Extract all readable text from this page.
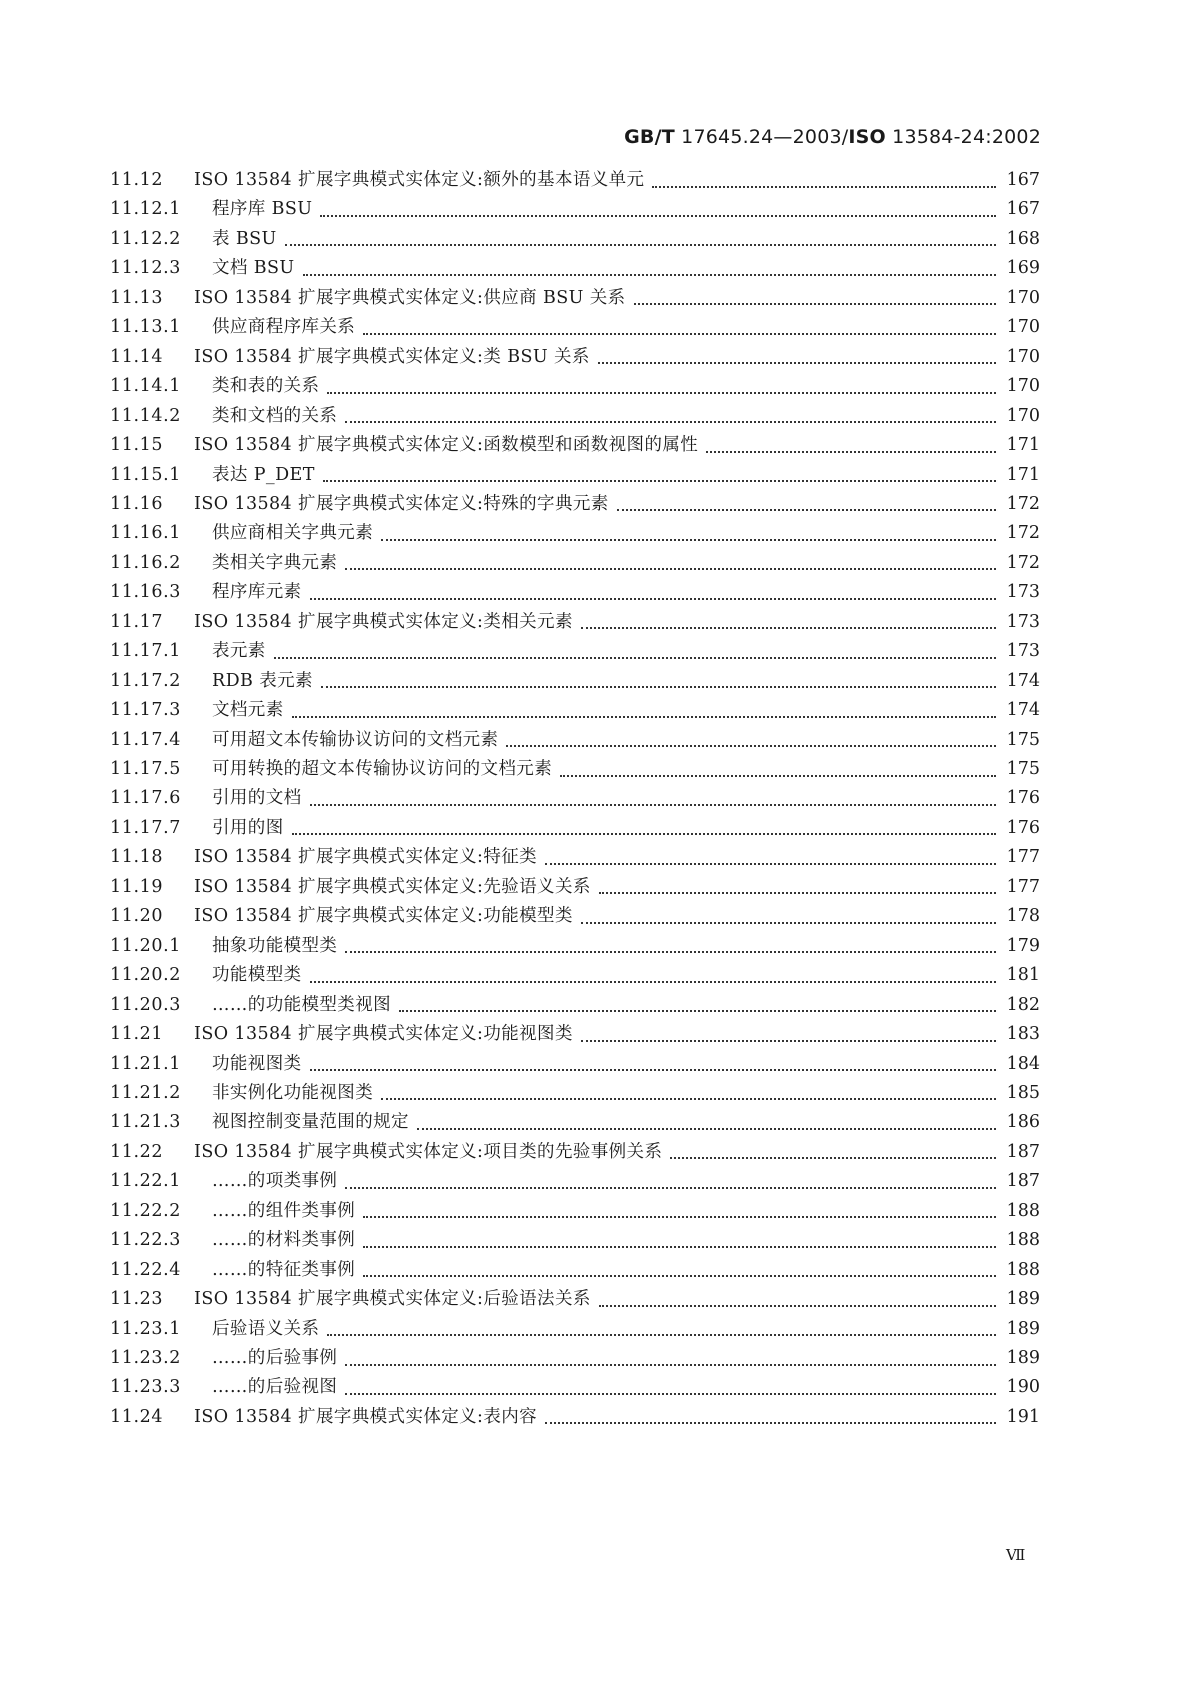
GB/T 17645.24—2003/ISO 13584-24:2002
11.12	ISO 13584 扩展字典模式实体定义:额外的基本语义单元	167
11.12.1	程序库 BSU	167
11.12.2	表 BSU	168
11.12.3	文档 BSU	169
11.13	ISO 13584 扩展字典模式实体定义:供应商 BSU 关系	170
11.13.1	供应商程序库关系	170
11.14	ISO 13584 扩展字典模式实体定义:类 BSU 关系	170
11.14.1	类和表的关系	170
11.14.2	类和文档的关系	170
11.15	ISO 13584 扩展字典模式实体定义:函数模型和函数视图的属性	171
11.15.1	表达 P_DET	171
11.16	ISO 13584 扩展字典模式实体定义:特殊的字典元素	172
11.16.1	供应商相关字典元素	172
11.16.2	类相关字典元素	172
11.16.3	程序库元素	173
11.17	ISO 13584 扩展字典模式实体定义:类相关元素	173
11.17.1	表元素	173
11.17.2	RDB 表元素	174
11.17.3	文档元素	174
11.17.4	可用超文本传输协议访问的文档元素	175
11.17.5	可用转换的超文本传输协议访问的文档元素	175
11.17.6	引用的文档	176
11.17.7	引用的图	176
11.18	ISO 13584 扩展字典模式实体定义:特征类	177
11.19	ISO 13584 扩展字典模式实体定义:先验语义关系	177
11.20	ISO 13584 扩展字典模式实体定义:功能模型类	178
11.20.1	抽象功能模型类	179
11.20.2	功能模型类	181
11.20.3	……的功能模型类视图	182
11.21	ISO 13584 扩展字典模式实体定义:功能视图类	183
11.21.1	功能视图类	184
11.21.2	非实例化功能视图类	185
11.21.3	视图控制变量范围的规定	186
11.22	ISO 13584 扩展字典模式实体定义:项目类的先验事例关系	187
11.22.1	……的项类事例	187
11.22.2	……的组件类事例	188
11.22.3	……的材料类事例	188
11.22.4	……的特征类事例	188
11.23	ISO 13584 扩展字典模式实体定义:后验语法关系	189
11.23.1	后验语义关系	189
11.23.2	……的后验事例	189
11.23.3	……的后验视图	190
11.24	ISO 13584 扩展字典模式实体定义:表内容	191
Ⅶ
